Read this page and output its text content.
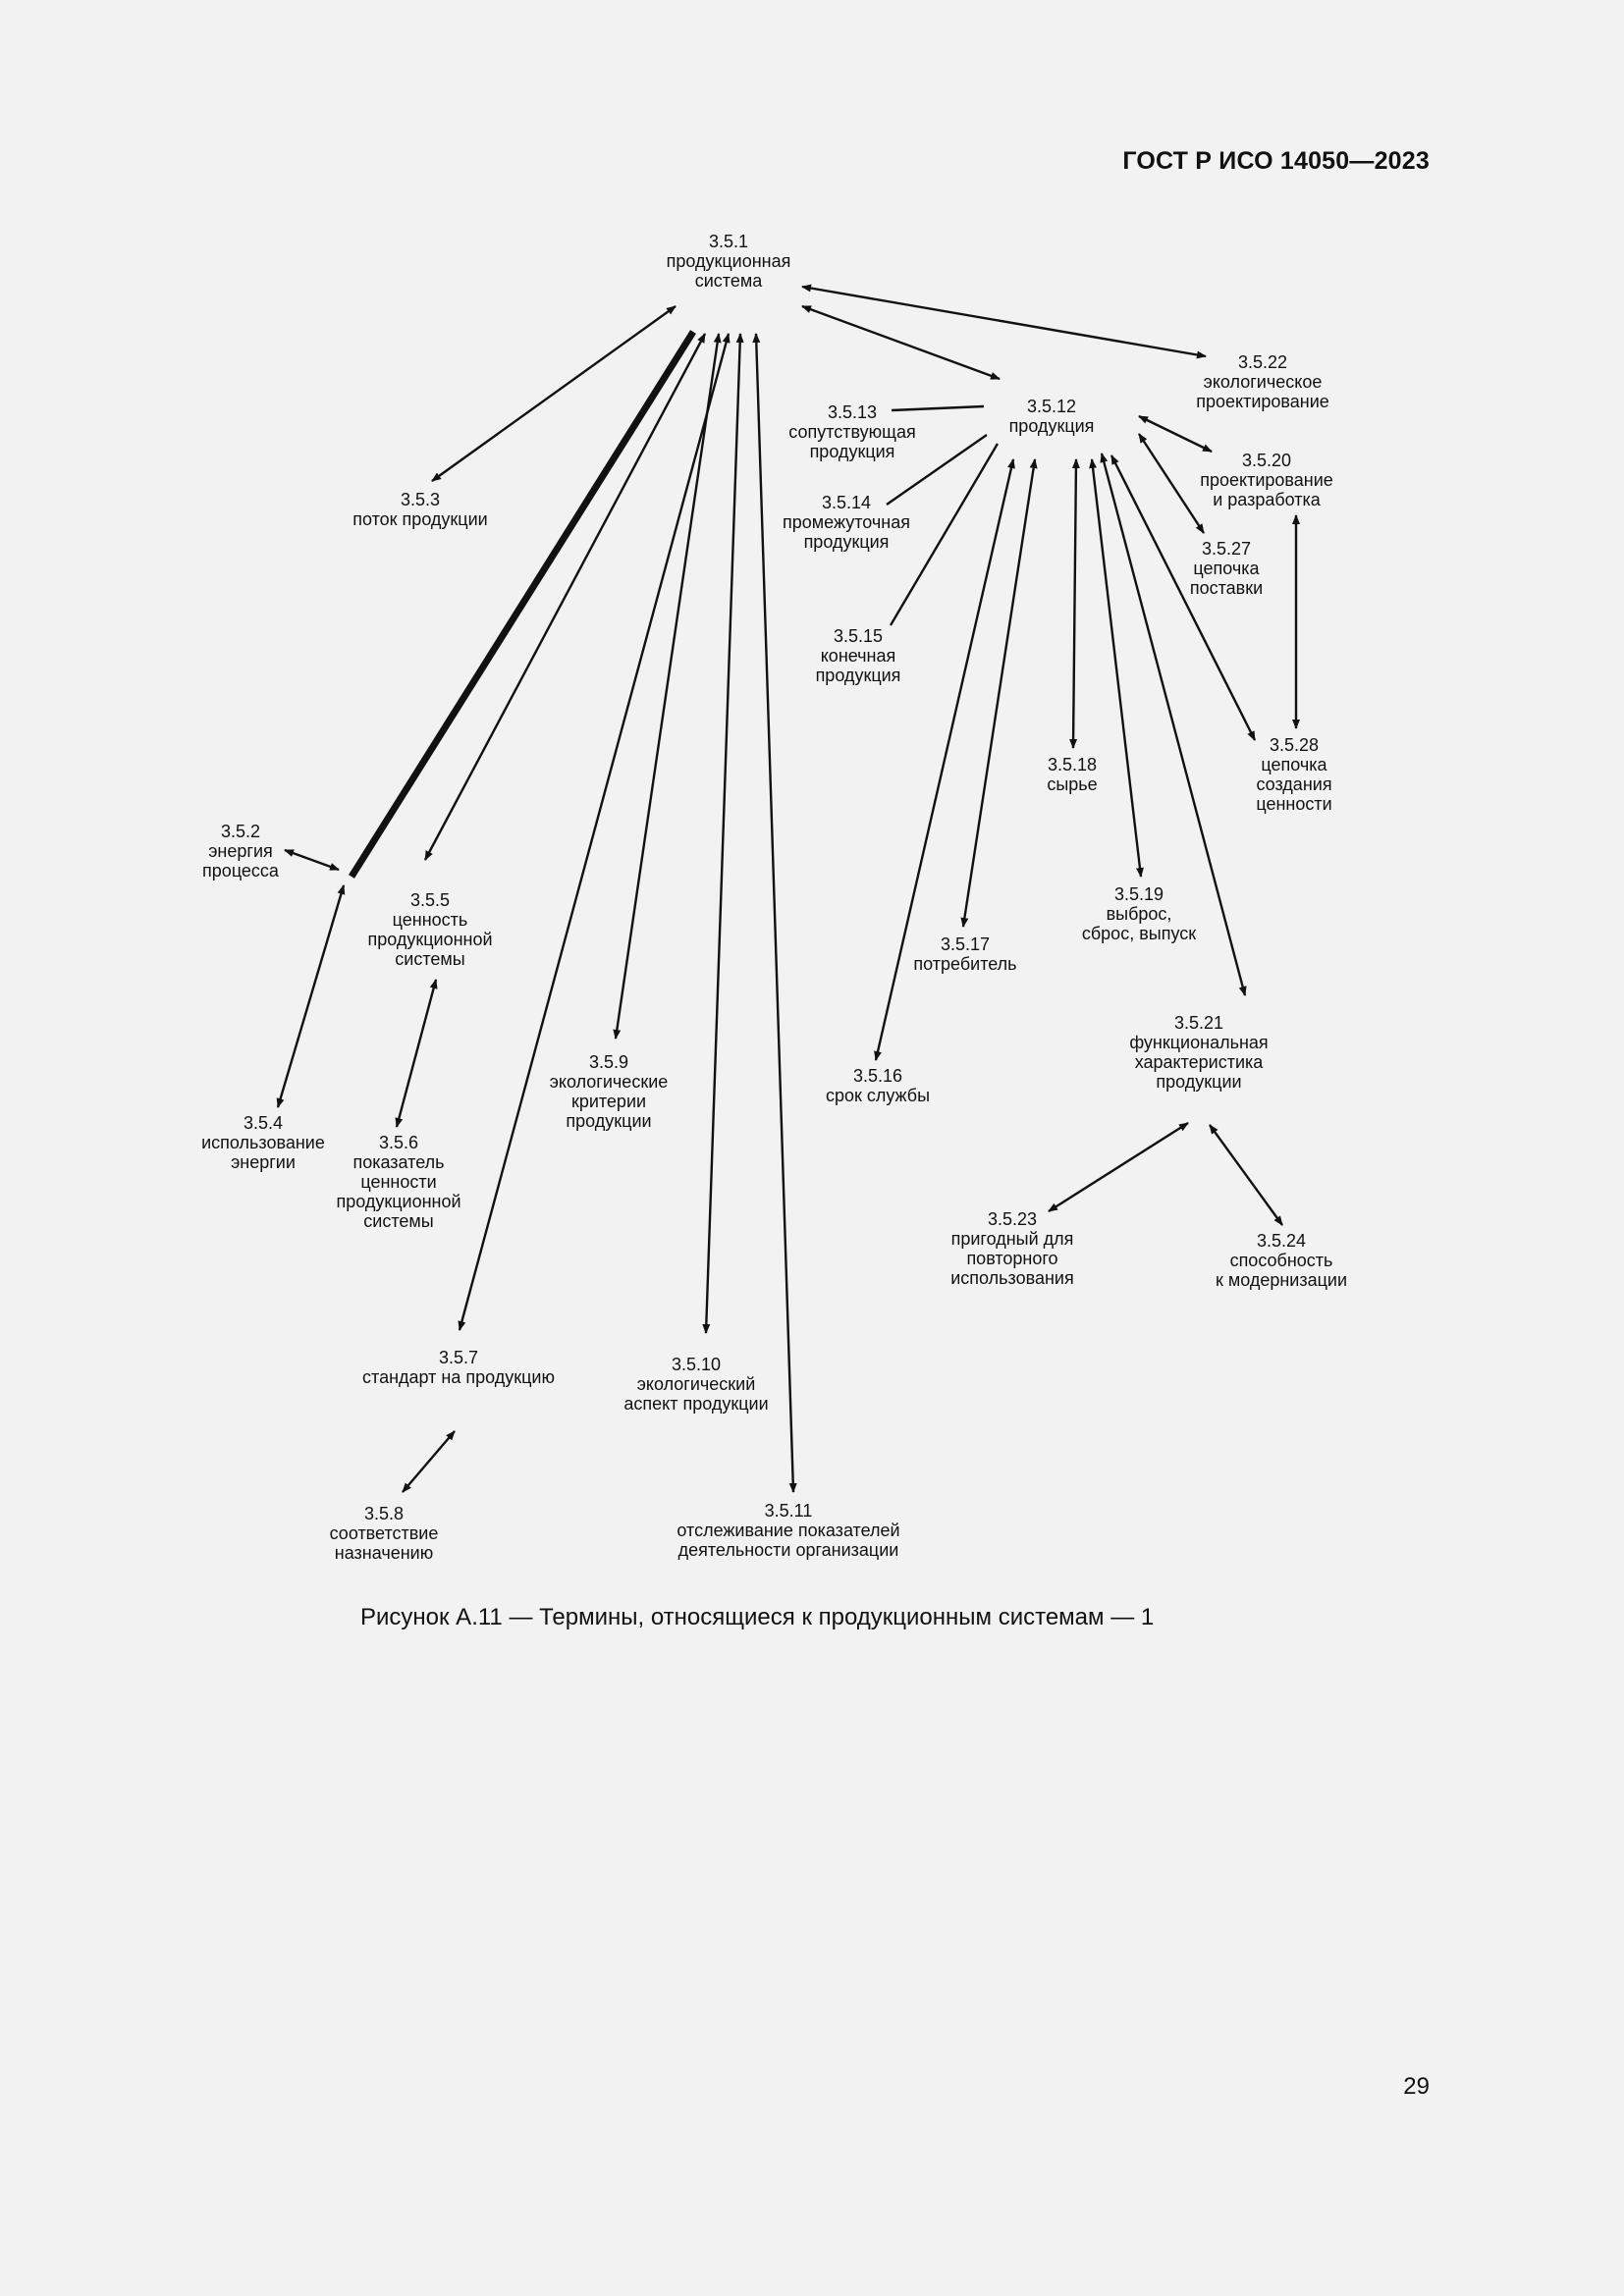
ГОСТ Р ИСО 14050—2023
3.5.1 продукционная система
3.5.22 экологическое проектирование
3.5.12 продукция
3.5.13 сопутствующая продукция
3.5.3 поток продукции
3.5.14 промежуточная продукция
3.5.20 проектирование и разработка
3.5.27 цепочка поставки
3.5.15 конечная продукция
3.5.18 сырье
3.5.28 цепочка создания ценности
3.5.2 энергия процесса
3.5.5 ценность продукционной системы
3.5.19 выброс, сброс, выпуск
3.5.17 потребитель
3.5.21 функциональная характеристика продукции
3.5.9 экологические критерии продукции
3.5.16 срок службы
3.5.4 использование энергии
3.5.6 показатель ценности продукционной системы	3.5.23 пригодный для повторного использования
3.5.24 способность к модернизации
3.5.7 стандарт на продукцию
3.5.10 экологический аспект продукции
3.5.8 соответствие назначению
3.5.11 отслеживание показателей деятельности организации
Рисунок А.11 — Термины, относящиеся к продукционным системам — 1
29
